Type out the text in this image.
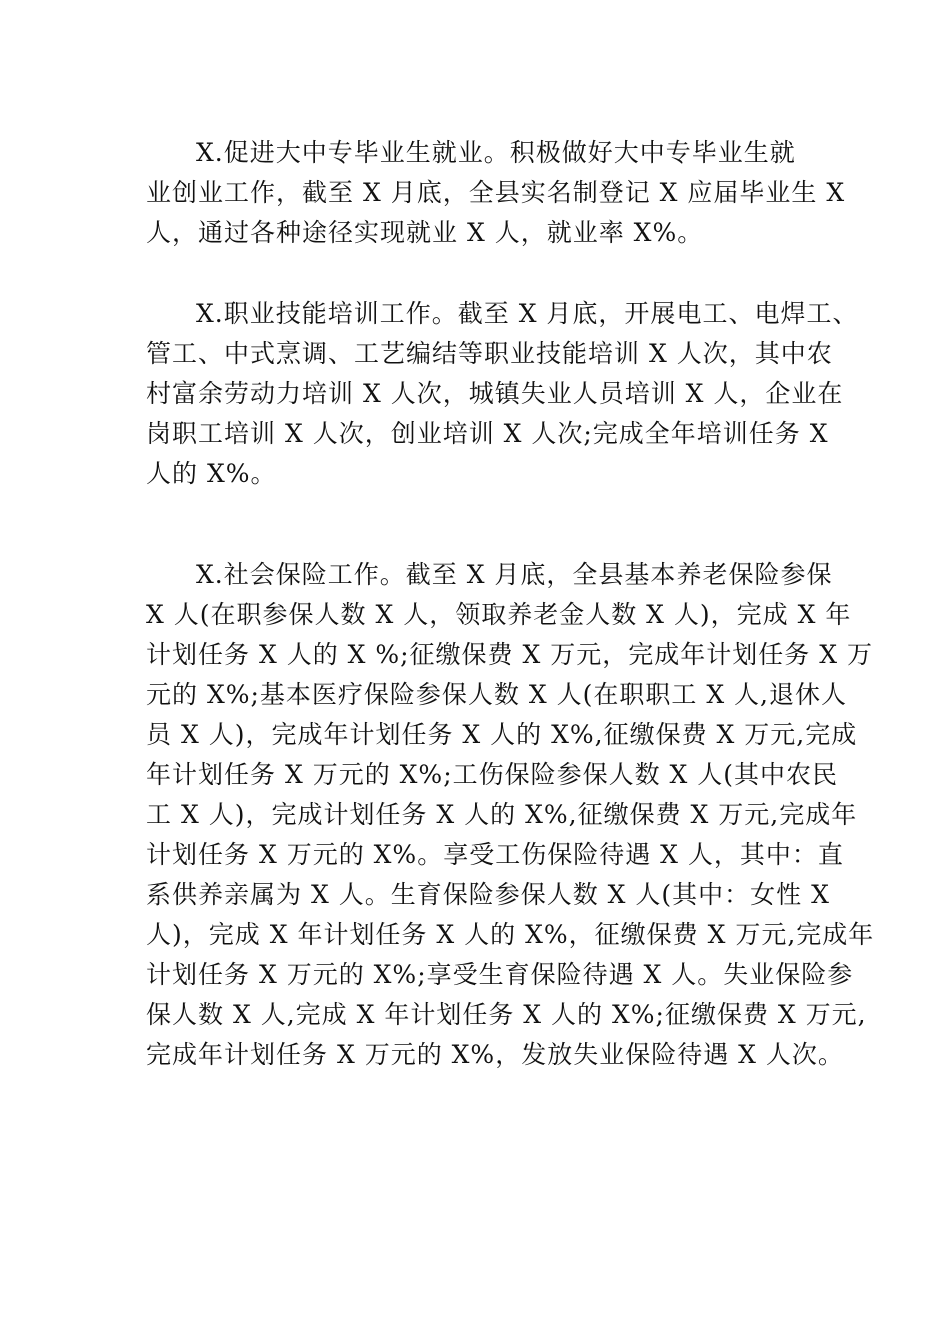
X.促进大中专毕业生就业。积极做好大中专毕业生就
业创业工作，截至 X 月底，全县实名制登记 X 应届毕业生 X
人，通过各种途径实现就业 X 人，就业率 X%。
X.职业技能培训工作。截至 X 月底，开展电工、电焊工、
管工、中式烹调、工艺编结等职业技能培训 X 人次，其中农
村富余劳动力培训 X 人次，城镇失业人员培训 X 人，企业在
岗职工培训 X 人次，创业培训 X 人次;完成全年培训任务 X
人的 X%。
X.社会保险工作。截至 X 月底，全县基本养老保险参保
X 人(在职参保人数 X 人，领取养老金人数 X 人)，完成 X 年
计划任务 X 人的 X %;征缴保费 X 万元，完成年计划任务 X 万
元的 X%;基本医疗保险参保人数 X 人(在职职工 X 人,退休人
员 X 人)，完成年计划任务 X 人的 X%,征缴保费 X 万元,完成
年计划任务 X 万元的 X%;工伤保险参保人数 X 人(其中农民
工 X 人)，完成计划任务 X 人的 X%,征缴保费 X 万元,完成年
计划任务 X 万元的 X%。享受工伤保险待遇 X 人，其中：直
系供养亲属为 X 人。生育保险参保人数 X 人(其中：女性 X
人)，完成 X 年计划任务 X 人的 X%，征缴保费 X 万元,完成年
计划任务 X 万元的 X%;享受生育保险待遇 X 人。失业保险参
保人数 X 人,完成 X 年计划任务 X 人的 X%;征缴保费 X 万元,
完成年计划任务 X 万元的 X%，发放失业保险待遇 X 人次。
